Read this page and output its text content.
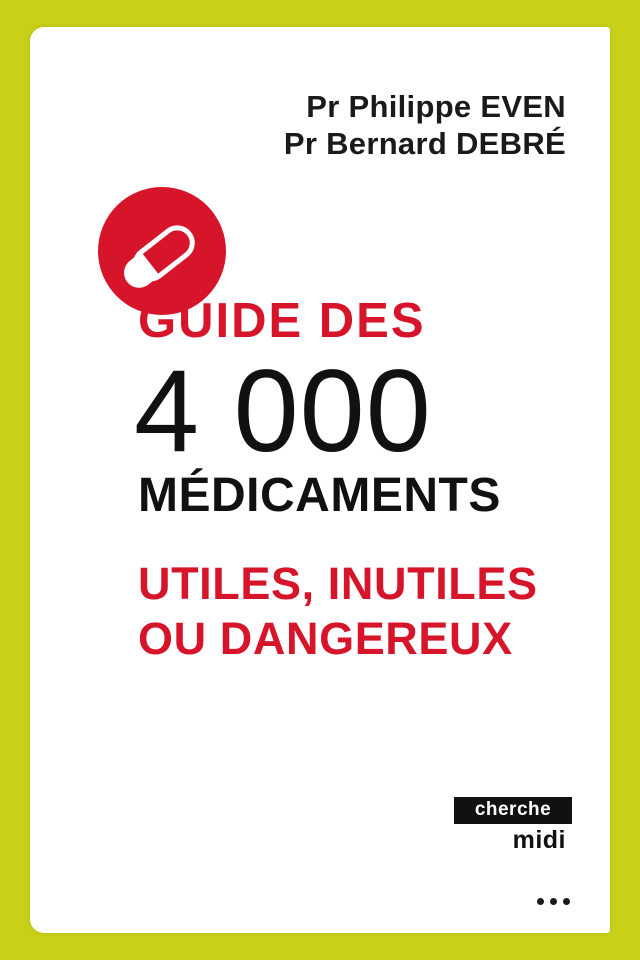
Pr Philippe EVEN
Pr Bernard DEBRÉ
GUIDE DES
4 000
MÉDICAMENTS
UTILES, INUTILES
OU DANGEREUX
cherche
midi
